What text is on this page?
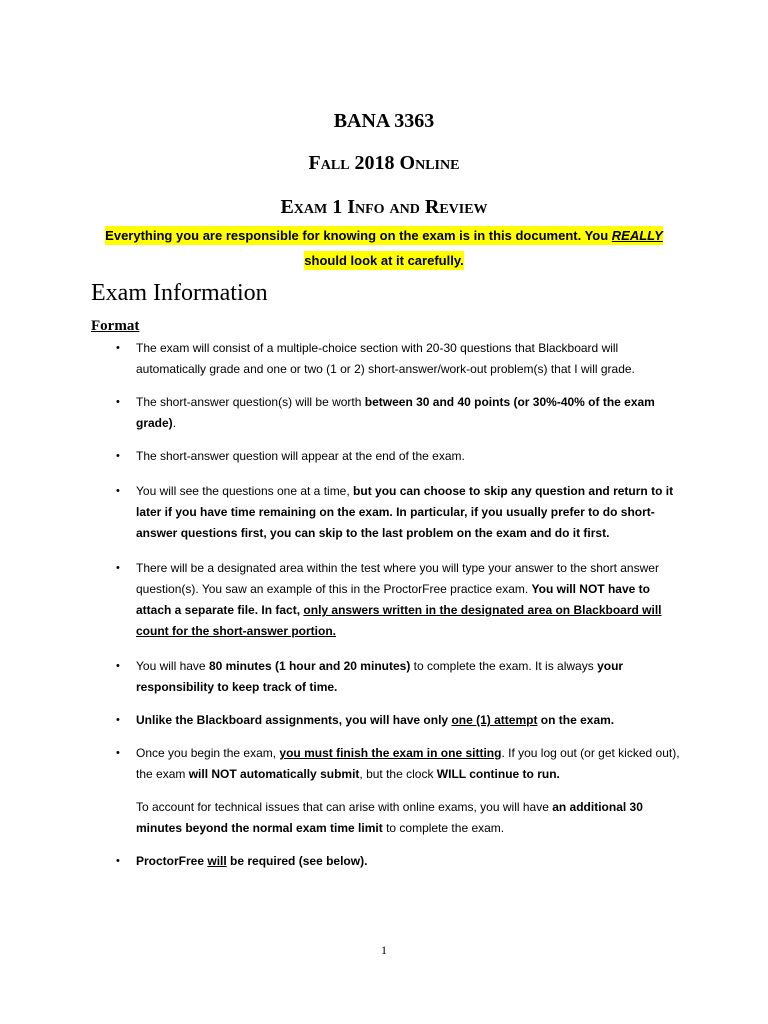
BANA 3363
Fall 2018 Online
Exam 1 Info and Review
Everything you are responsible for knowing on the exam is in this document. You REALLY
should look at it carefully.
Exam Information
Format
• The exam will consist of a multiple-choice section with 20-30 questions that Blackboard will automatically grade and one or two (1 or 2) short-answer/work-out problem(s) that I will grade.
• The short-answer question(s) will be worth between 30 and 40 points (or 30%-40% of the exam grade).
• The short-answer question will appear at the end of the exam.
• You will see the questions one at a time, but you can choose to skip any question and return to it later if you have time remaining on the exam. In particular, if you usually prefer to do short-answer questions first, you can skip to the last problem on the exam and do it first.
• There will be a designated area within the test where you will type your answer to the short answer question(s). You saw an example of this in the ProctorFree practice exam. You will NOT have to attach a separate file. In fact, only answers written in the designated area on Blackboard will count for the short-answer portion.
• You will have 80 minutes (1 hour and 20 minutes) to complete the exam. It is always your responsibility to keep track of time.
• Unlike the Blackboard assignments, you will have only one (1) attempt on the exam.
• Once you begin the exam, you must finish the exam in one sitting. If you log out (or get kicked out), the exam will NOT automatically submit, but the clock WILL continue to run.
To account for technical issues that can arise with online exams, you will have an additional 30 minutes beyond the normal exam time limit to complete the exam.
• ProctorFree will be required (see below).
1
